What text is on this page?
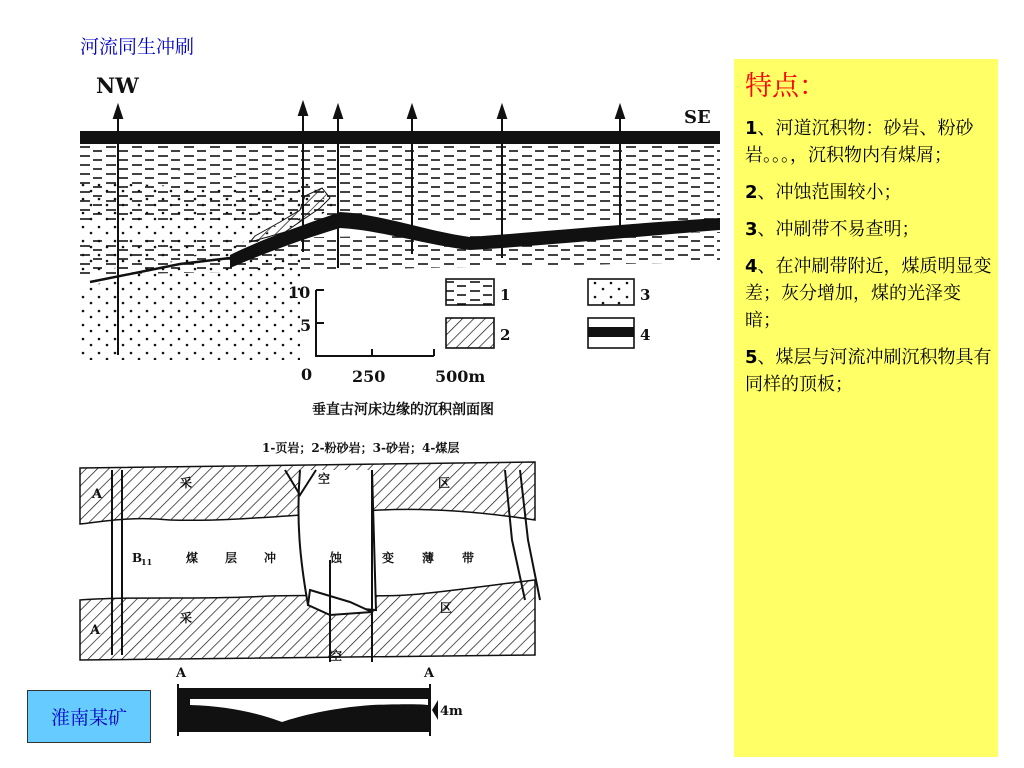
河流同生冲刷
NW
SE
10
5
0 250	500m
1
2
3
4
垂直古河床边缘的沉积剖面图
1-页岩；2-粉砂岩；3-砂岩；4-煤层
A
A
B
11	煤 层 冲	蚀	变 薄 带
采	空	区
采
区
空
A	A
4m
特点：
1、河道沉积物：砂岩、粉砂岩。。。，沉积物内有煤屑；
2、冲蚀范围较小；
3、冲刷带不易查明；
4、在冲刷带附近，煤质明显变差；灰分增加，煤的光泽变暗；
5、煤层与河流冲刷沉积物具有同样的顶板；
淮南某矿
